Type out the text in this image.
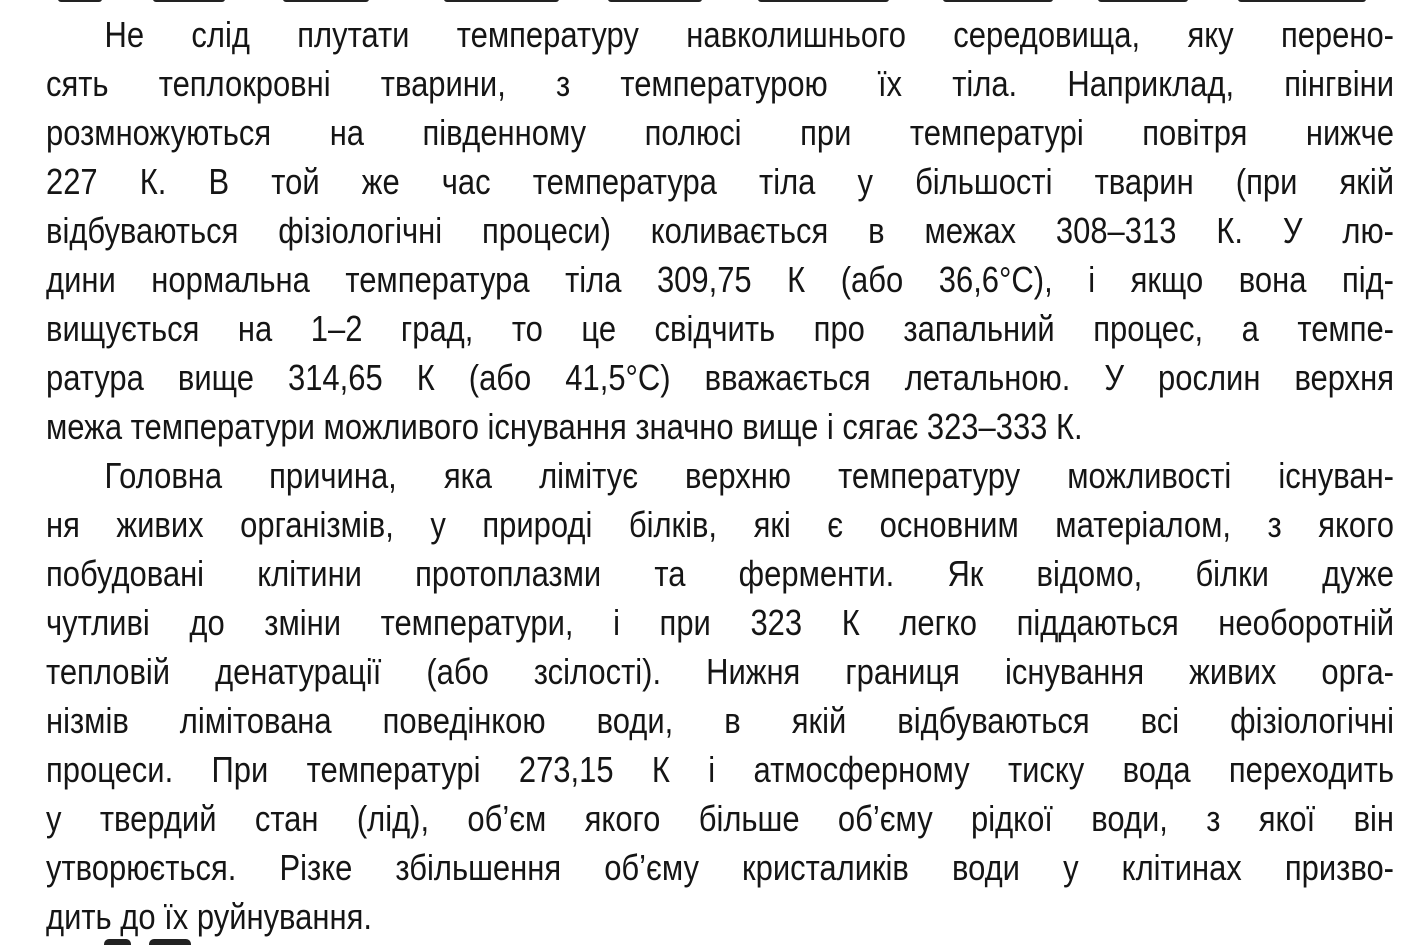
Не слід плутати температуру навколишнього середовища, яку перено-
сять теплокровні тварини, з температурою їх тіла. Наприклад, пінгвіни
розмножуються на південному полюсі при температурі повітря нижче
227 К. В той же час температура тіла у більшості тварин (при якій
відбуваються фізіологічні процеси) коливається в межах 308–313 К. У лю-
дини нормальна температура тіла 309,75 К (або 36,6°С), і якщо вона під-
вищується на 1–2 град, то це свідчить про запальний процес, а темпе-
ратура вище 314,65 К (або 41,5°С) вважається летальною. У рослин верхня
межа температури можливого існування значно вище і сягає 323–333 К.
Головна причина, яка лімітує верхню температуру можливості існуван-
ня живих організмів, у природі білків, які є основним матеріалом, з якого
побудовані клітини протоплазми та ферменти. Як відомо, білки дуже
чутливі до зміни температури, і при 323 К легко піддаються необоротній
тепловій денатурації (або зсілості). Нижня границя існування живих орга-
нізмів лімітована поведінкою води, в якій відбуваються всі фізіологічні
процеси. При температурі 273,15 К і атмосферному тиску вода переходить
у твердий стан (лід), об’єм якого більше об’єму рідкої води, з якої він
утворюється. Різке збільшення об’єму кристаликів води у клітинах призво-
дить до їх руйнування.
